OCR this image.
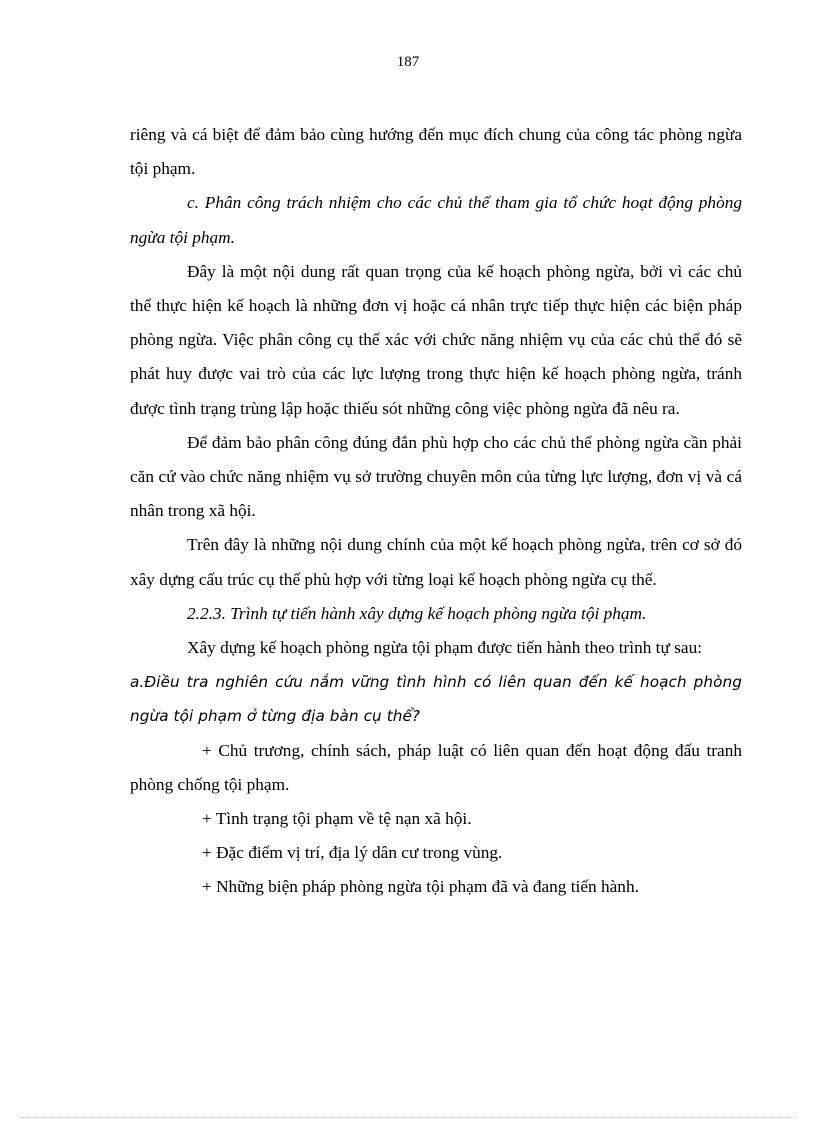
187

riêng và cá biệt để đảm bảo cùng hướng đến mục đích chung của công tác phòng ngừa tội phạm.

c. Phân công trách nhiệm cho các chủ thể tham gia tổ chức hoạt động phòng ngừa tội phạm.

Đây là một nội dung rất quan trọng của kế hoạch phòng ngừa, bởi vì các chủ thể thực hiện kế hoạch là những đơn vị hoặc cá nhân trực tiếp thực hiện các biện pháp phòng ngừa. Việc phân công cụ thể xác với chức năng nhiệm vụ của các chủ thể đó sẽ phát huy được vai trò của các lực lượng trong thực hiện kế hoạch phòng ngừa, tránh được tình trạng trùng lập hoặc thiếu sót những công việc phòng ngừa đã nêu ra.

Để đảm bảo phân công đúng đắn phù hợp cho các chủ thể phòng ngừa cần phải căn cứ vào chức năng nhiệm vụ sở trường chuyên môn của từng lực lượng, đơn vị và cá nhân trong xã hội.

Trên đây là những nội dung chính của một kế hoạch phòng ngừa, trên cơ sở đó xây dựng cấu trúc cụ thể phù hợp với từng loại kế hoạch phòng ngừa cụ thể.

2.2.3. Trình tự tiến hành xây dựng kế hoạch phòng ngừa tội phạm.

Xây dựng kế hoạch phòng ngừa tội phạm được tiến hành theo trình tự sau:

a.Điều tra nghiên cứu nắm vững tình hình có liên quan đến kế hoạch phòng ngừa tội phạm ở từng địa bàn cụ thể?

+ Chủ trương, chính sách, pháp luật có liên quan đến hoạt động đấu tranh phòng chống tội phạm.

+ Tình trạng tội phạm về tệ nạn xã hội.

+ Đặc điểm vị trí, địa lý dân cư trong vùng.

+ Những biện pháp phòng ngừa tội phạm đã và đang tiến hành.
